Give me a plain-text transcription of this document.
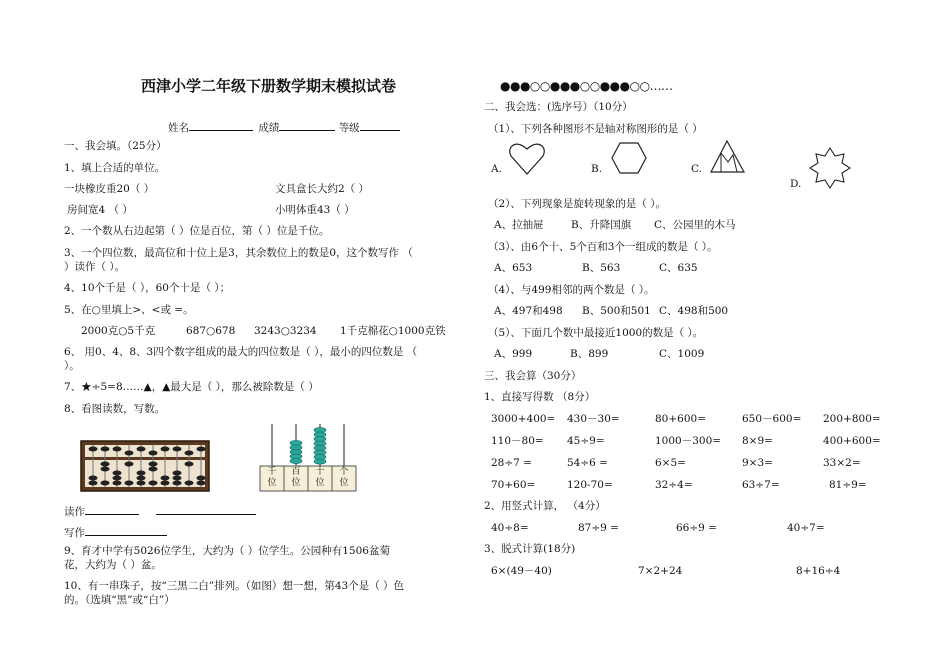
西津小学二年级下册数学期末模拟试卷
姓名	成绩	等级
一、我会填。（25分）
1、填上合适的单位。
一块橡皮重20（ ）	文具盒长大约2（ ）
房间宽4 （ ）	小明体重43（ ）
2、一个数从右边起第（ ）位是百位，第（ ）位是千位。
3、一个四位数，最高位和十位上是3，其余数位上的数是0，这个数写作 （
）读作（ ）。
4、10个千是（ ），60个十是（ ）；
5、在○里填上>、<或 =。
2000克○5千克	687○678 3243○3234 1千克棉花○1000克铁
6、 用0、4、8、3四个数字组成的最大的四位数是（ ），最小的四位数是 （
）。
7、★÷5=8……▲，▲最大是（ ），那么被除数是（ ）
8、看图读数，写数。
千位
百位
十位
个位
读作
写作
9、育才中学有5026位学生，大约为（ ）位学生。公园种有1506盆菊
花，大约为（ ）盆。
10、有一串珠子，按“三黑二白”排列。（如图）想一想，第43个是（ ）色
的。（选填“黑”或“白”）
●●●○○●●●○○●●●○○……
二、我会选：(选序号）（10分）
（1）、下列各种图形不是轴对称图形的是（ ）
A.	B.	C.
D.
（2）、下列现象是旋转现象的是（ ）。
A、拉抽屉	B、升降国旗 C、公园里的木马
（3）、由6个十、5个百和3个一组成的数是（ ）。
A、653	B、563	C、635
（4）、与499相邻的两个数是（ ）。
A、497和498 B、500和501 C、498和500
（5）、下面几个数中最接近1000的数是（ ）。
A、999	B、899	C、1009
三、我会算（30分）
1、直接写得数 （8分）
3000+400= 430－30=	80+600=	650－600= 200+800=
110－80= 45÷9=	1000－300= 8×9=	400+600=
28÷7 =	54÷6 =	6×5=	9×3=	33×2=
70+60=	120-70=	32÷4=	63÷7=	81÷9=
2、用竖式计算， （4分）
40÷8=	87÷9 =	66÷9 =	40÷7=
3、脱式计算(18分)
6×(49－40)	7×2+24	8+16÷4
